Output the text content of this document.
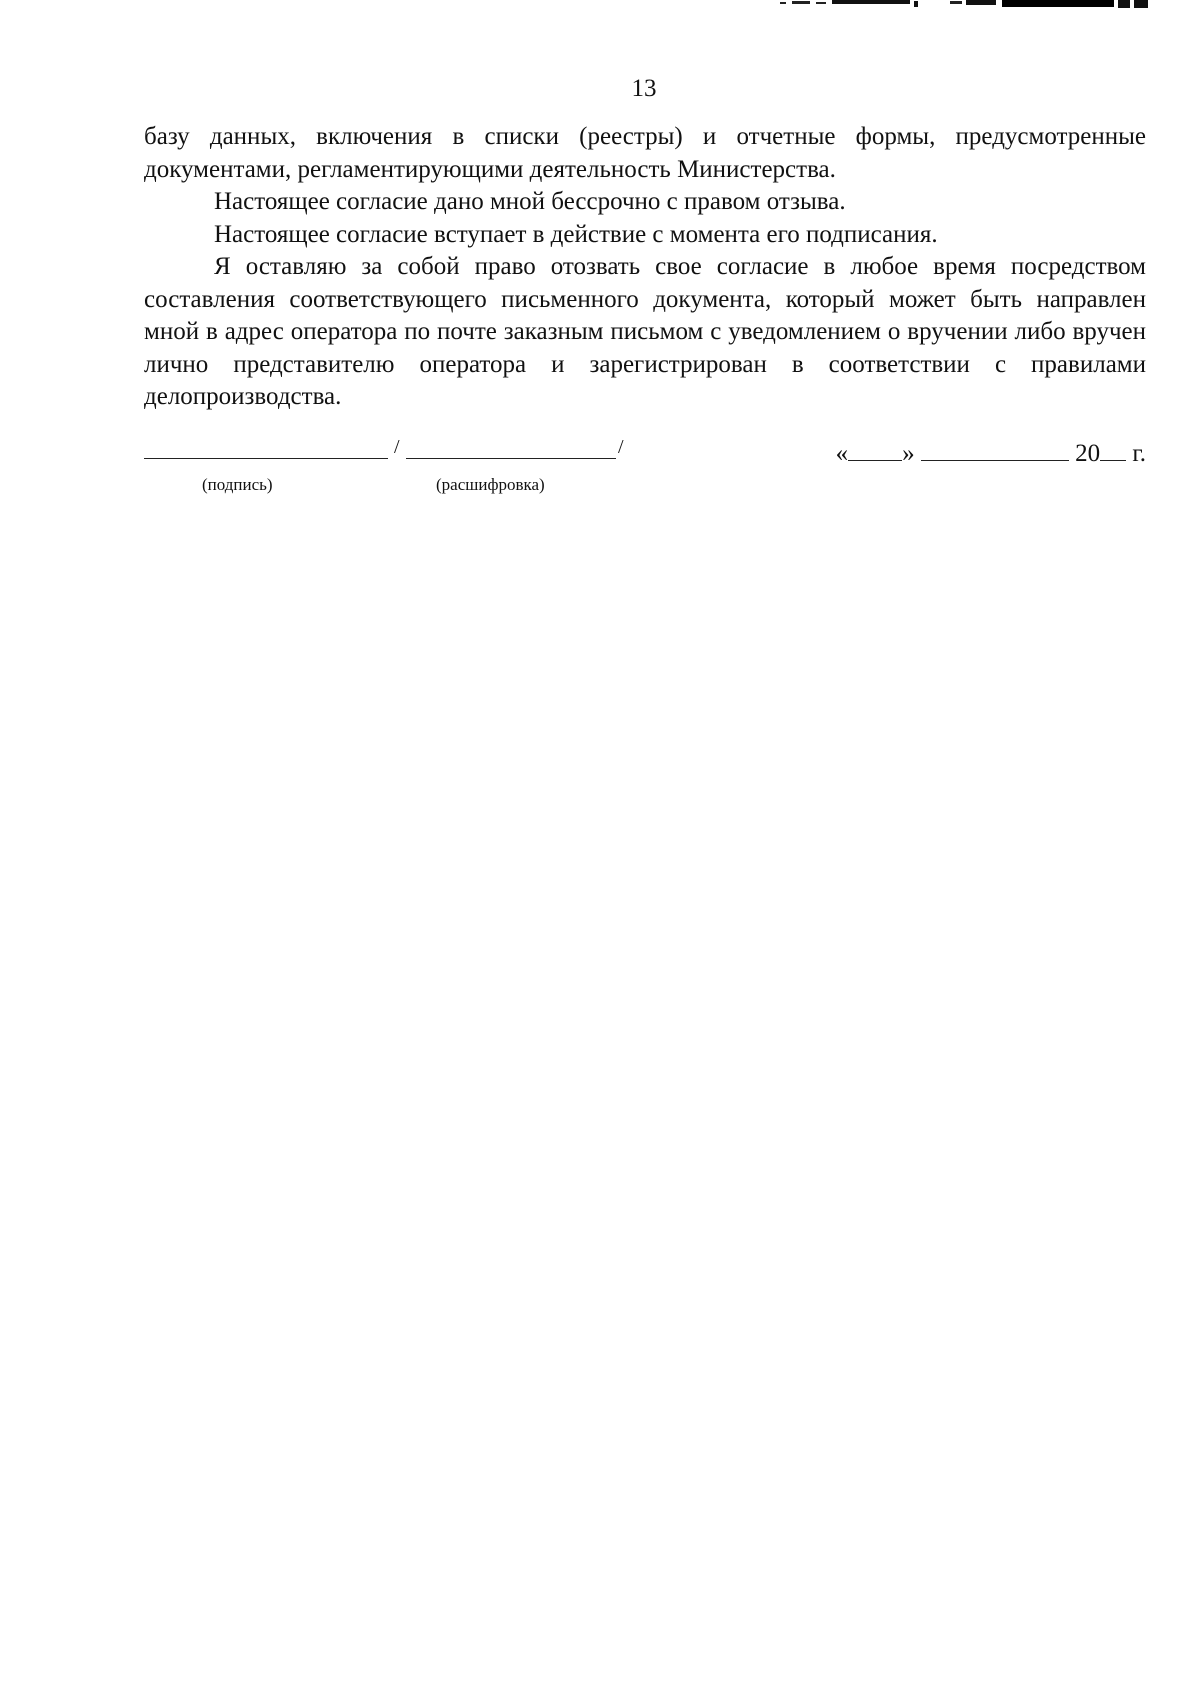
13

базу данных, включения в списки (реестры) и отчетные формы, предусмотренные документами, регламентирующими деятельность Министерства.

Настоящее согласие дано мной бессрочно с правом отзыва.

Настоящее согласие вступает в действие с момента его подписания.

Я оставляю за собой право отозвать свое согласие в любое время посредством составления соответствующего письменного документа, который может быть направлен мной в адрес оператора по почте заказным письмом с уведомлением о вручении либо вручен лично представителю оператора и зарегистрирован в соответствии с правилами делопроизводства.

/	/
(подпись)	(расшифровка)
« »	20 г.
